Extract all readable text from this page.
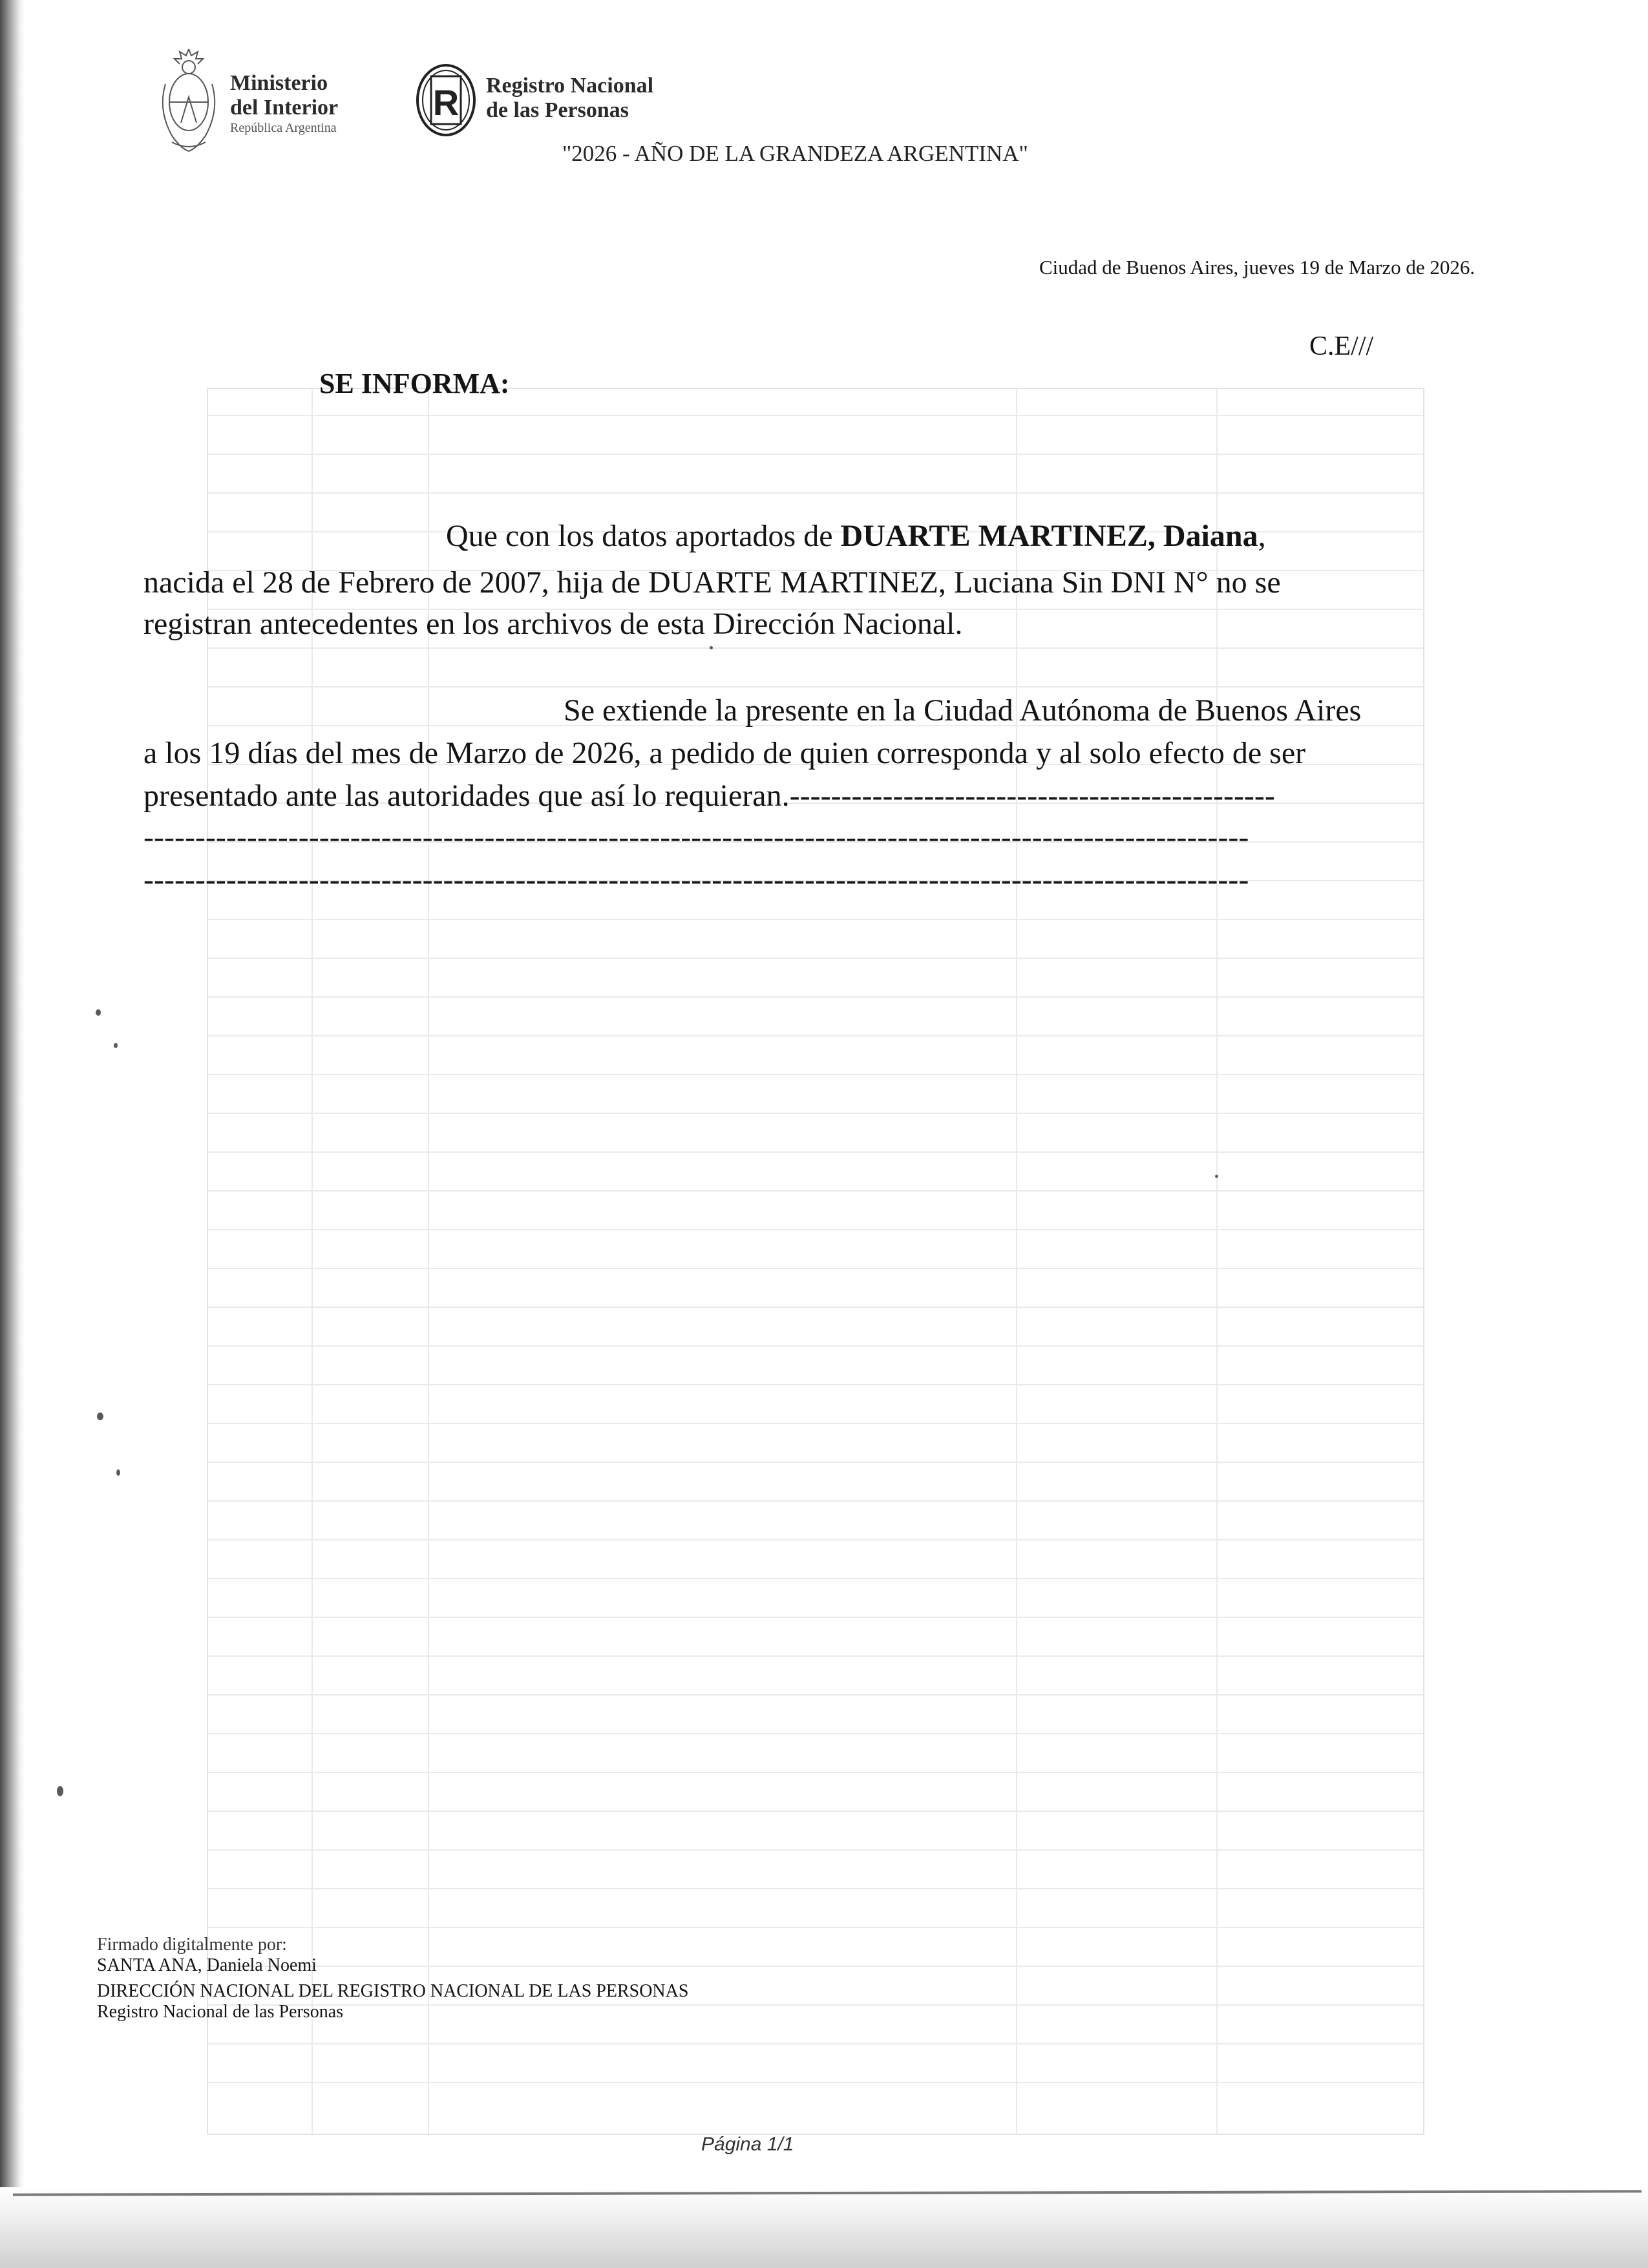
Ministerio
del Interior
República Argentina
R Registro Nacional
de las Personas
"2026 - AÑO DE LA GRANDEZA ARGENTINA"
Ciudad de Buenos Aires, jueves 19 de Marzo de 2026.
C.E///
SE INFORMA:
Que con los datos aportados de DUARTE MARTINEZ, Daiana,
nacida el 28 de Febrero de 2007, hija de DUARTE MARTINEZ, Luciana Sin DNI N° no se
registran antecedentes en los archivos de esta Dirección Nacional.
Se extiende la presente en la Ciudad Autónoma de Buenos Aires
a los 19 días del mes de Marzo de 2026, a pedido de quien corresponda y al solo efecto de ser
presentado ante las autoridades que así lo requieran.-----------------------------------------------
-----------------------------------------------------------------------------------------------------------
-----------------------------------------------------------------------------------------------------------
Firmado digitalmente por:
SANTA ANA, Daniela Noemi
DIRECCIÓN NACIONAL DEL REGISTRO NACIONAL DE LAS PERSONAS
Registro Nacional de las Personas
Página 1/1
